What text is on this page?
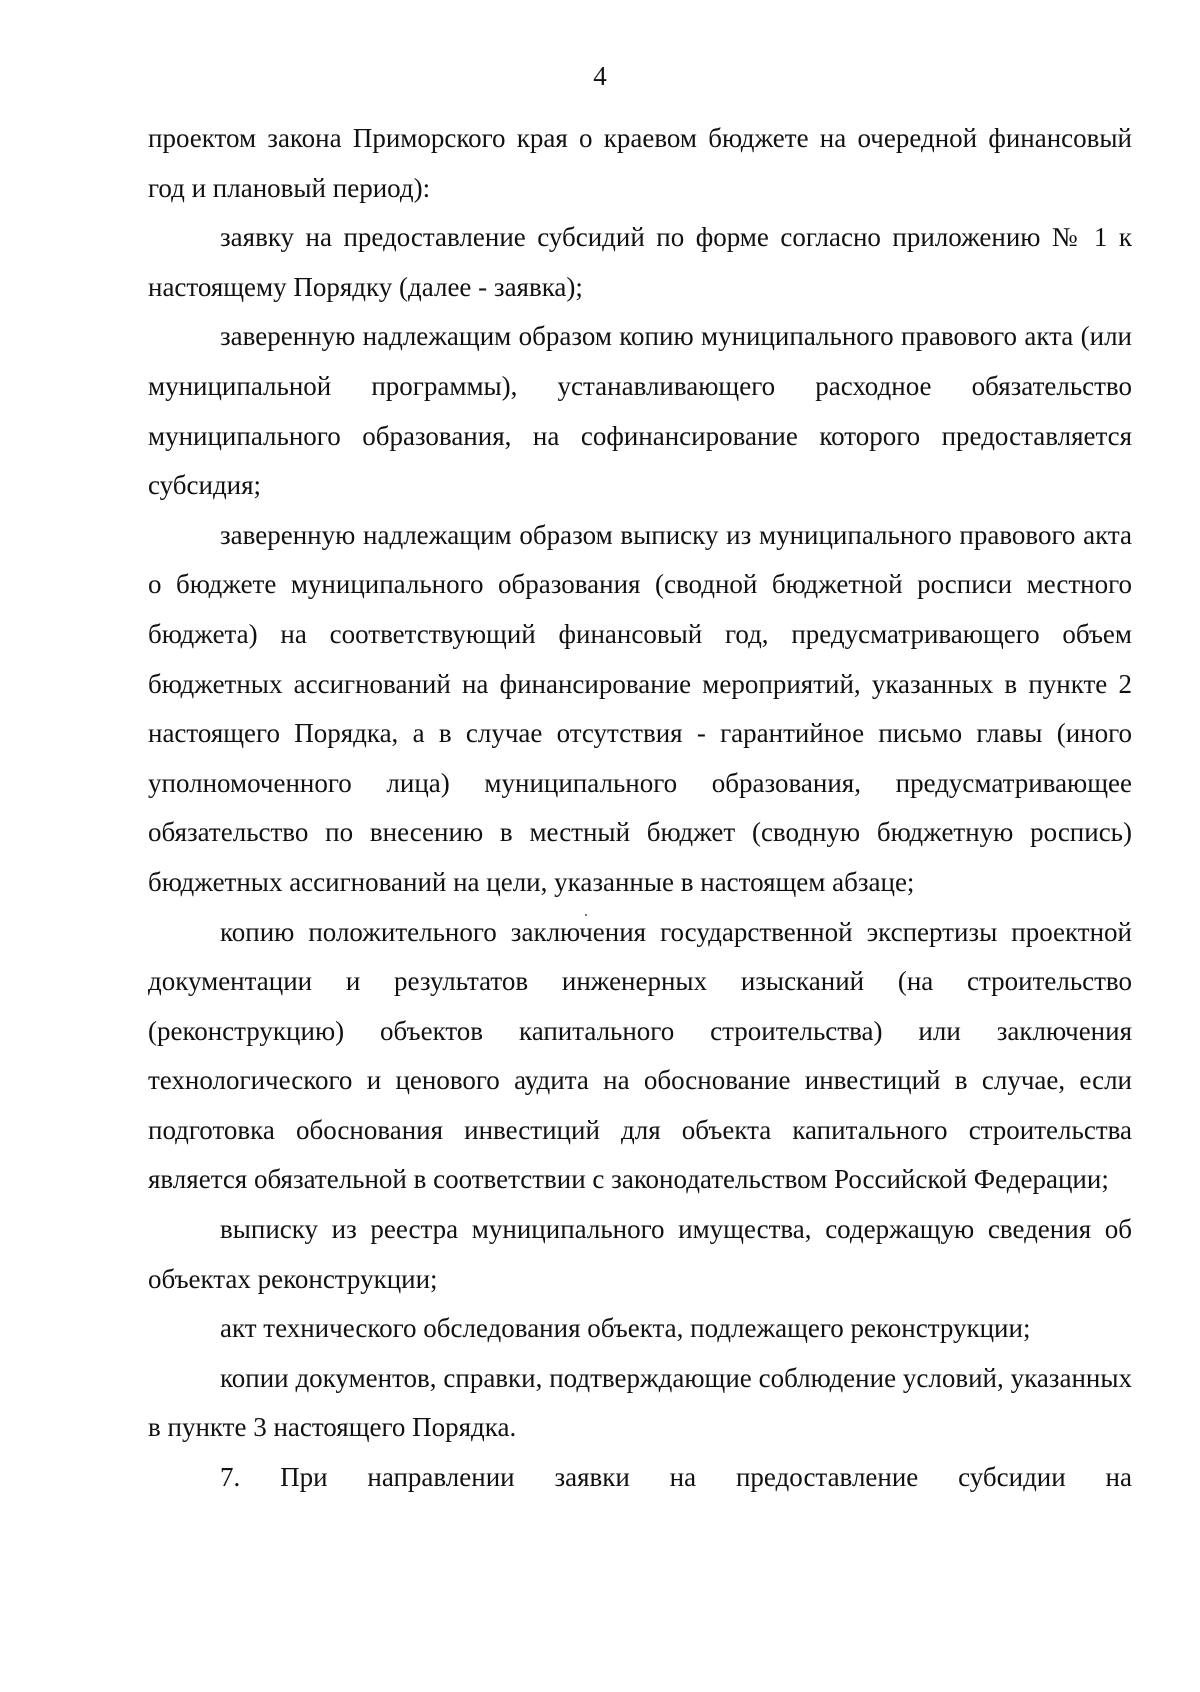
4

проектом закона Приморского края о краевом бюджете на очередной финансовый год и плановый период):

заявку на предоставление субсидий по форме согласно приложению № 1 к настоящему Порядку (далее - заявка);

заверенную надлежащим образом копию муниципального правового акта (или муниципальной программы), устанавливающего расходное обязательство муниципального образования, на софинансирование которого предоставляется субсидия;

заверенную надлежащим образом выписку из муниципального правового акта о бюджете муниципального образования (сводной бюджетной росписи местного бюджета) на соответствующий финансовый год, предусматривающего объем бюджетных ассигнований на финансирование мероприятий, указанных в пункте 2 настоящего Порядка, а в случае отсутствия - гарантийное письмо главы (иного уполномоченного лица) муниципального образования, предусматривающее обязательство по внесению в местный бюджет (сводную бюджетную роспись) бюджетных ассигнований на цели, указанные в настоящем абзаце;

копию положительного заключения государственной экспертизы проектной документации и результатов инженерных изысканий (на строительство (реконструкцию) объектов капитального строительства) или заключения технологического и ценового аудита на обоснование инвестиций в случае, если подготовка обоснования инвестиций для объекта капитального строительства является обязательной в соответствии с законодательством Российской Федерации;

выписку из реестра муниципального имущества, содержащую сведения об объектах реконструкции;

акт технического обследования объекта, подлежащего реконструкции;

копии документов, справки, подтверждающие соблюдение условий, указанных в пункте 3 настоящего Порядка.

7. При направлении заявки на предоставление субсидии на
